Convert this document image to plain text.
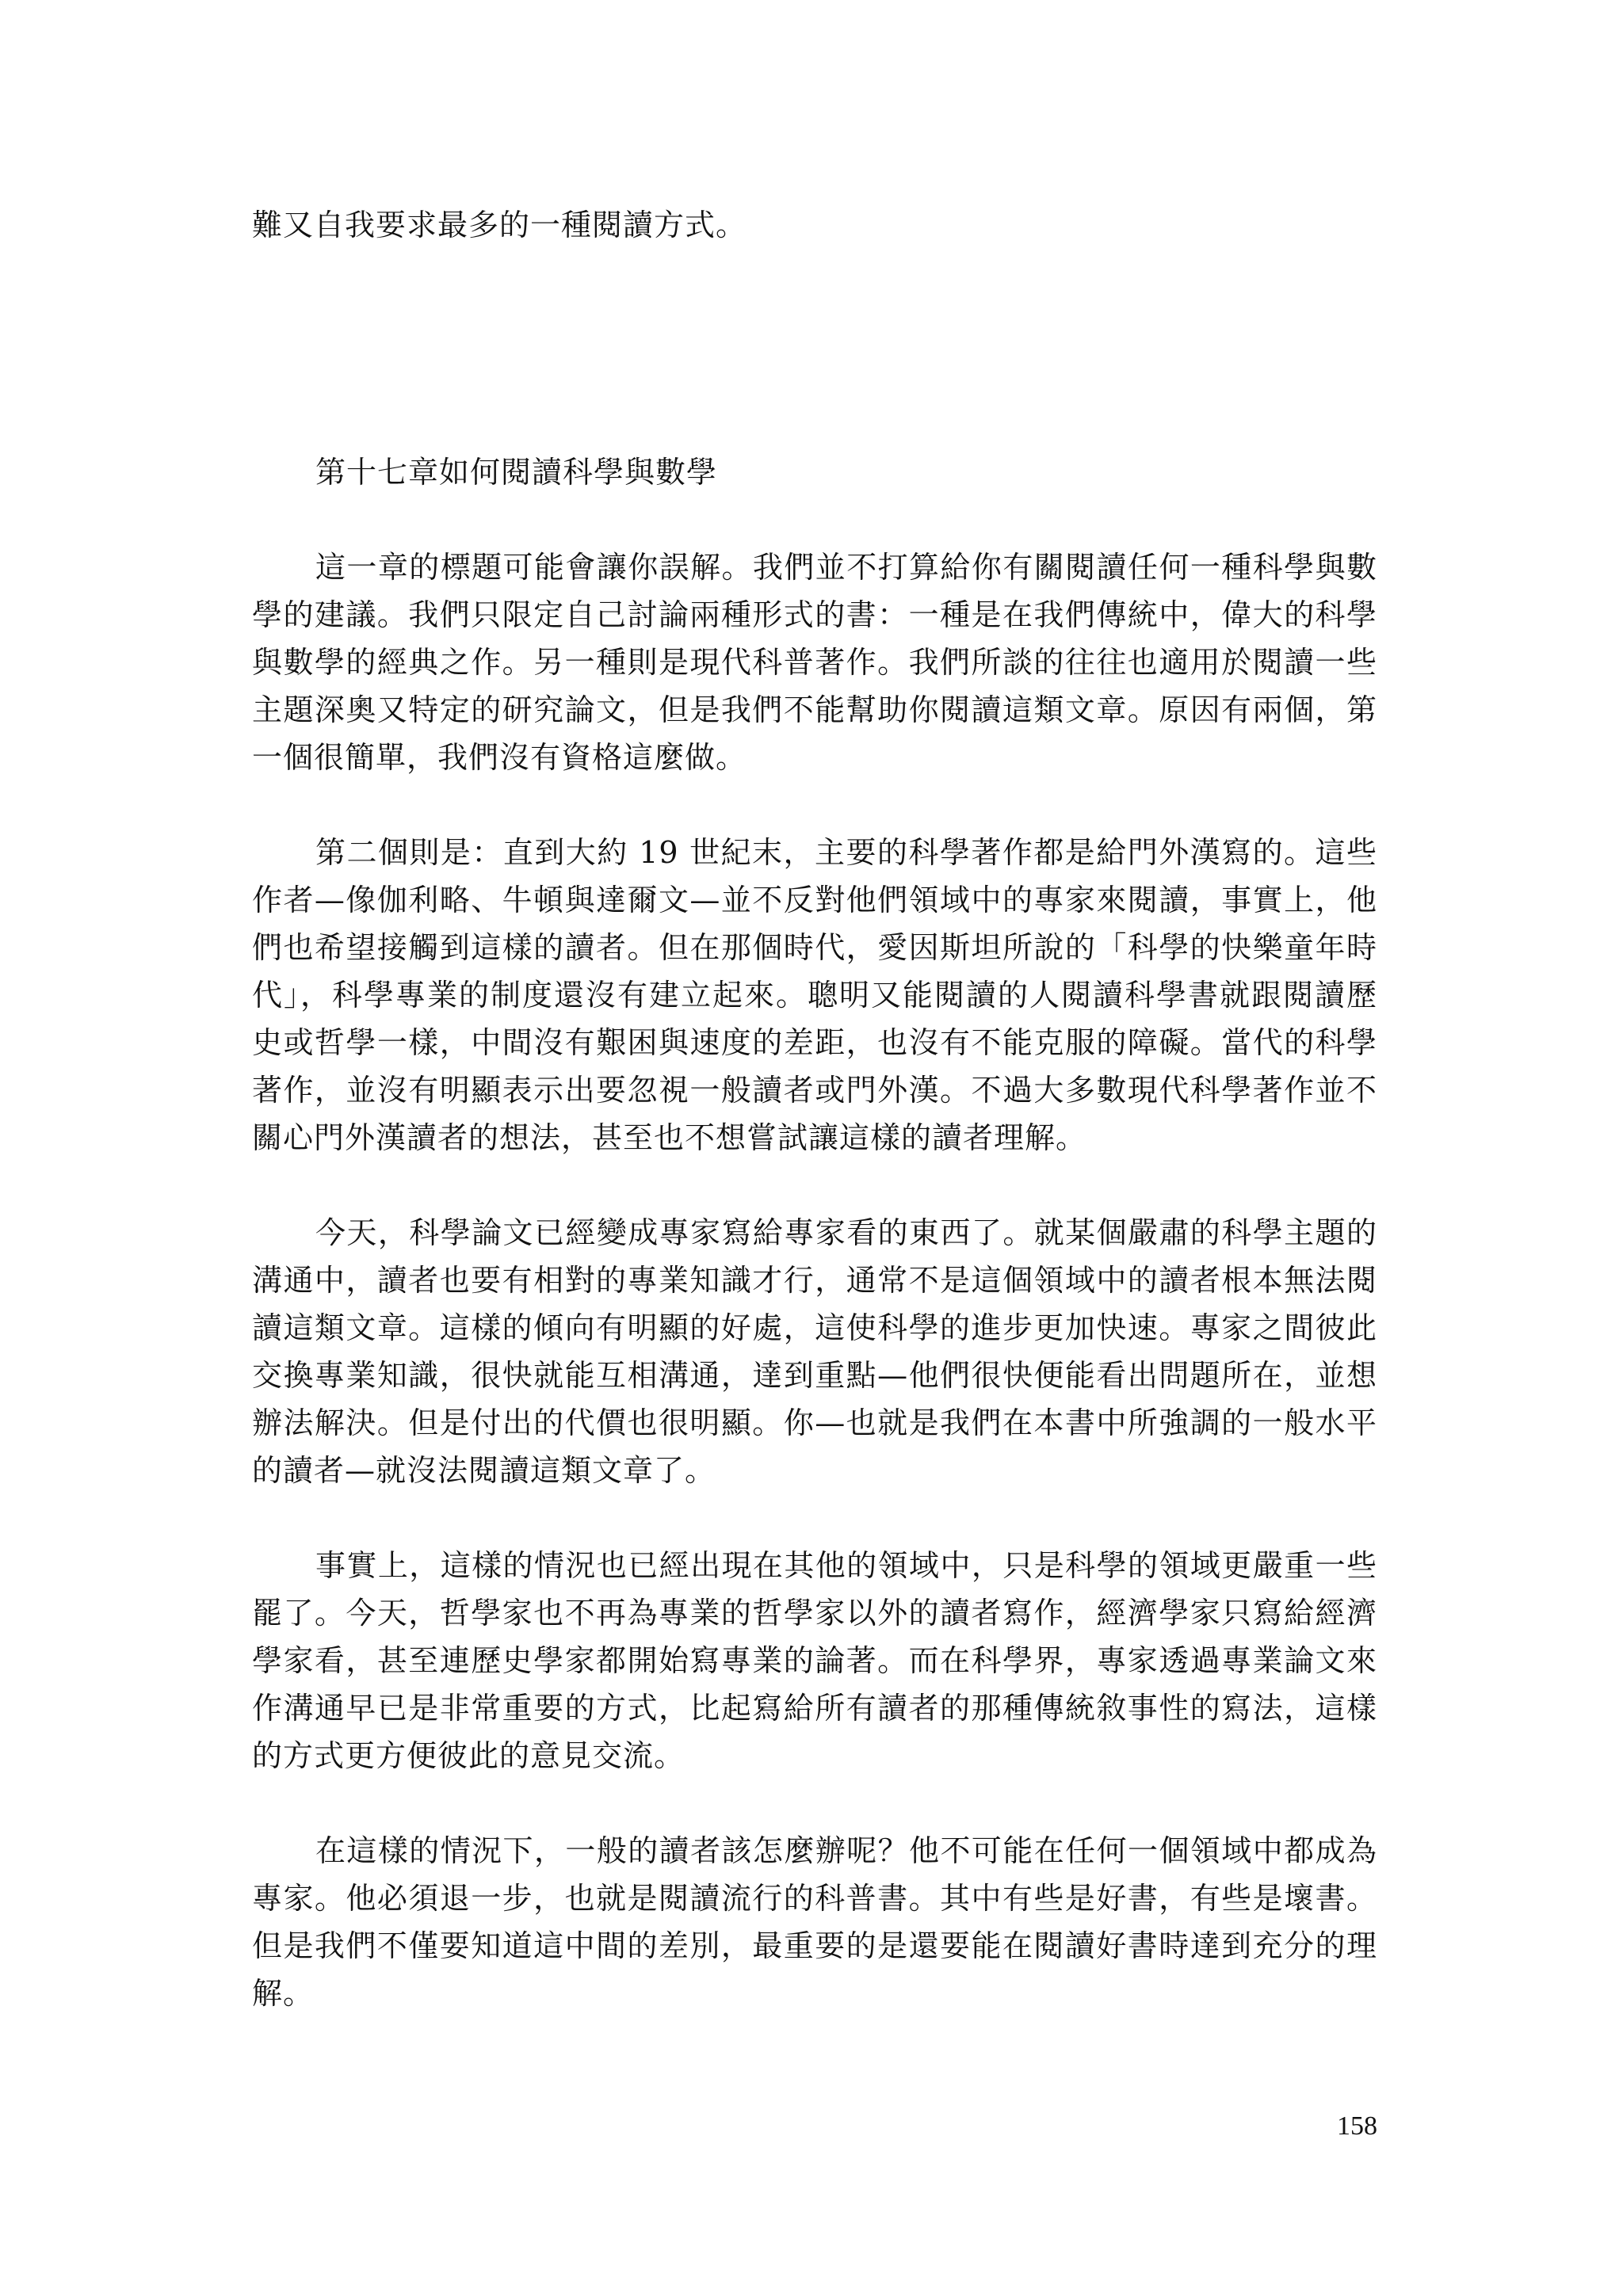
難又自我要求最多的一種閱讀方式。

第十七章如何閱讀科學與數學

這一章的標題可能會讓你誤解。我們並不打算給你有關閱讀任何一種科學與數學的建議。我們只限定自己討論兩種形式的書：一種是在我們傳統中，偉大的科學與數學的經典之作。另一種則是現代科普著作。我們所談的往往也適用於閱讀一些主題深奧又特定的研究論文，但是我們不能幫助你閱讀這類文章。原因有兩個，第一個很簡單，我們沒有資格這麼做。

第二個則是：直到大約 19 世紀末，主要的科學著作都是給門外漢寫的。這些作者—像伽利略、牛頓與達爾文—並不反對他們領域中的專家來閱讀，事實上，他們也希望接觸到這樣的讀者。但在那個時代，愛因斯坦所說的「科學的快樂童年時代」，科學專業的制度還沒有建立起來。聰明又能閱讀的人閱讀科學書就跟閱讀歷史或哲學一樣，中間沒有艱困與速度的差距，也沒有不能克服的障礙。當代的科學著作，並沒有明顯表示出要忽視一般讀者或門外漢。不過大多數現代科學著作並不關心門外漢讀者的想法，甚至也不想嘗試讓這樣的讀者理解。

今天，科學論文已經變成專家寫給專家看的東西了。就某個嚴肅的科學主題的溝通中，讀者也要有相對的專業知識才行，通常不是這個領域中的讀者根本無法閱讀這類文章。這樣的傾向有明顯的好處，這使科學的進步更加快速。專家之間彼此交換專業知識，很快就能互相溝通，達到重點—他們很快便能看出問題所在，並想辦法解決。但是付出的代價也很明顯。你—也就是我們在本書中所強調的一般水平的讀者—就沒法閱讀這類文章了。

事實上，這樣的情況也已經出現在其他的領域中，只是科學的領域更嚴重一些罷了。今天，哲學家也不再為專業的哲學家以外的讀者寫作，經濟學家只寫給經濟學家看，甚至連歷史學家都開始寫專業的論著。而在科學界，專家透過專業論文來作溝通早已是非常重要的方式，比起寫給所有讀者的那種傳統敘事性的寫法，這樣的方式更方便彼此的意見交流。

在這樣的情況下，一般的讀者該怎麼辦呢？他不可能在任何一個領域中都成為專家。他必須退一步，也就是閱讀流行的科普書。其中有些是好書，有些是壞書。但是我們不僅要知道這中間的差別，最重要的是還要能在閱讀好書時達到充分的理解。

158
